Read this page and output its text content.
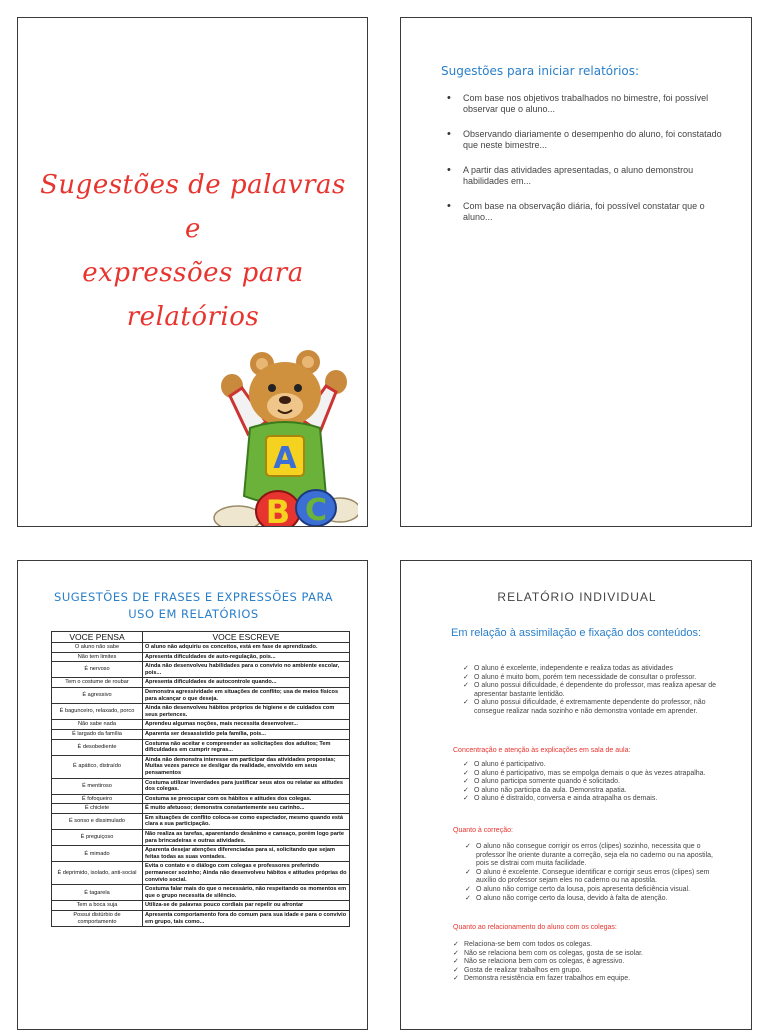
Sugestões de palavras e
expressões para relatórios
A
B C
Sugestões para iniciar relatórios:
• Com base nos objetivos trabalhados no bimestre, foi possível observar que o aluno...
• Observando diariamente o desempenho do aluno, foi constatado que neste bimestre...
• A partir das atividades apresentadas, o aluno demonstrou habilidades em...
• Com base na observação diária, foi possível constatar que o aluno...
SUGESTÕES DE FRASES E EXPRESSÕES PARA
USO EM RELATÓRIOS
VOCE PENSA	VOCE ESCREVE
O aluno não sabe	O aluno não adquiriu os conceitos, está em fase de aprendizado.
Não tem limites	Apresenta dificuldades de auto-regulação, pois...
É nervoso	Ainda não desenvolveu habilidades para o convívio no ambiente escolar, pois...
Tem o costume de roubar	Apresenta dificuldades de autocontrole quando...
É agressivo	Demonstra agressividade em situações de conflito; usa de meios físicos para alcançar o que deseja.
É bagunceiro, relaxado, porco	Ainda não desenvolveu hábitos próprios de higiene e de cuidados com seus pertences.
Não sabe nada	Aprendeu algumas noções, mais necessita desenvolver...
É largado da família	Aparenta ser desassistido pela família, pois...
É desobediente	Costuma não aceitar e compreender as solicitações dos adultos; Tem dificuldades em cumprir regras...
É apático, distraído	Ainda não demonstra interesse em participar das atividades propostas; Muitas vezes parece se desligar da realidade, envolvido em seus pensamentos
É mentiroso	Costuma utilizar inverdades para justificar seus atos ou relatar as atitudes dos colegas.
É fofoqueiro	Costuma se preocupar com os hábitos e atitudes dos colegas.
É chiclete	É muito afetuoso; demonstra constantemente seu carinho...
É sonso e dissimulado	Em situações de conflito coloca-se como espectador, mesmo quando está clara a sua participação.
É preguiçoso	Não realiza as tarefas, aparentando desânimo e cansaço, porém logo parte para brincadeiras e outras atividades.
É mimado	Aparenta desejar atenções diferenciadas para si, solicitando que sejam feitas todas as suas vontades.
É deprimido, isolado, anti-social	Evita o contato e o diálogo com colegas e professores preferindo permanecer sozinho; Ainda não desenvolveu hábitos e atitudes próprias do convívio social.
É tagarela	Costuma falar mais do que o necessário, não respeitando os momentos em que o grupo necessita de silêncio.
Tem a boca suja	Utiliza-se de palavras pouco cordiais par repelir ou afrontar
Possui distúrbio de comportamento	Apresenta comportamento fora do comum para sua idade e para o convívio em grupo, tais como...
RELATÓRIO INDIVIDUAL
Em relação à assimilação e fixação dos conteúdos:
✓ O aluno é excelente, independente e realiza todas as atividades
✓ O aluno é muito bom, porém tem necessidade de consultar o professor.
✓ O aluno possui dificuldade, é dependente do professor, mas realiza apesar de apresentar bastante lentidão.
✓ O aluno possui dificuldade, é extremamente dependente do professor, não consegue realizar nada sozinho e não demonstra vontade em aprender.
Concentração e atenção às explicações em sala de aula:
✓ O aluno é participativo.
✓ O aluno é participativo, mas se empolga demais o que às vezes atrapalha.
✓ O aluno participa somente quando é solicitado.
✓ O aluno não participa da aula. Demonstra apatia.
✓ O aluno é distraído, conversa e ainda atrapalha os demais.
Quanto à correção:
✓ O aluno não consegue corrigir os erros (clipes) sozinho, necessita que o professor lhe oriente durante a correção, seja ela no caderno ou na apostila, pois se distrai com muita facilidade.
✓ O aluno é excelente. Consegue identificar e corrigir seus erros (clipes) sem auxílio do professor sejam eles no caderno ou na apostila.
✓ O aluno não corrige certo da lousa, pois apresenta deficiência visual.
✓ O aluno não corrige certo da lousa, devido à falta de atenção.
Quanto ao relacionamento do aluno com os colegas:
✓ Relaciona-se bem com todos os colegas.
✓ Não se relaciona bem com os colegas, gosta de se isolar.
✓ Não se relaciona bem com os colegas, é agressivo.
✓ Gosta de realizar trabalhos em grupo.
✓ Demonstra resistência em fazer trabalhos em equipe.
